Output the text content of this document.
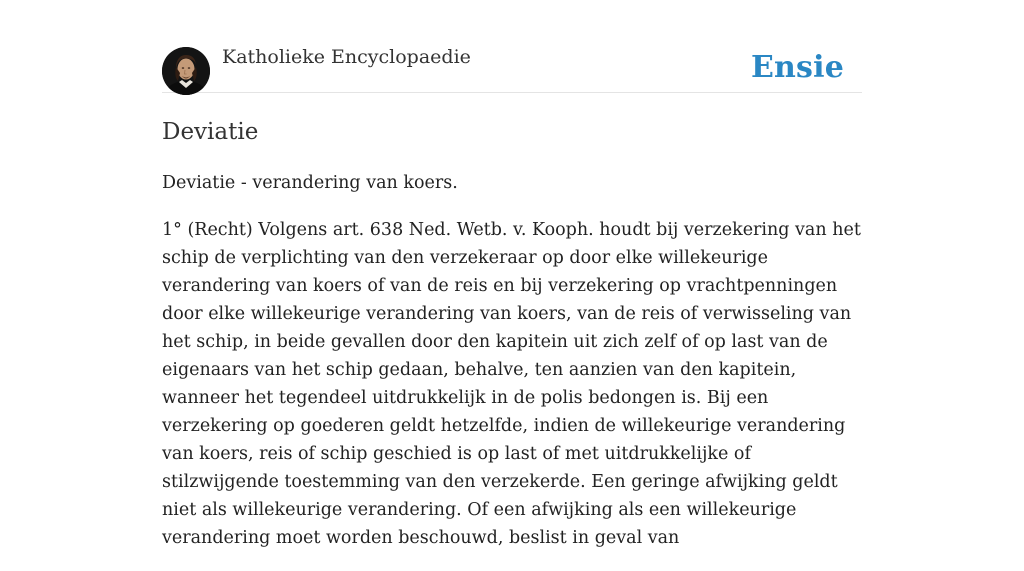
Katholieke Encyclopaedie	Ensie
Deviatie

Deviatie - verandering van koers.

1° (Recht) Volgens art. 638 Ned. Wetb. v. Kooph. houdt bij verzekering van het schip de verplichting van den verzekeraar op door elke willekeurige verandering van koers of van de reis en bij verzekering op vrachtpenningen door elke willekeurige verandering van koers, van de reis of verwisseling van het schip, in beide gevallen door den kapitein uit zich zelf of op last van de eigenaars van het schip gedaan, behalve, ten aanzien van den kapitein, wanneer het tegendeel uitdrukkelijk in de polis bedongen is. Bij een verzekering op goederen geldt hetzelfde, indien de willekeurige verandering van koers, reis of schip geschied is op last of met uitdrukkelijke of stilzwijgende toestemming van den verzekerde. Een geringe afwijking geldt niet als willekeurige verandering. Of een afwijking als een willekeurige verandering moet worden beschouwd, beslist in geval van
